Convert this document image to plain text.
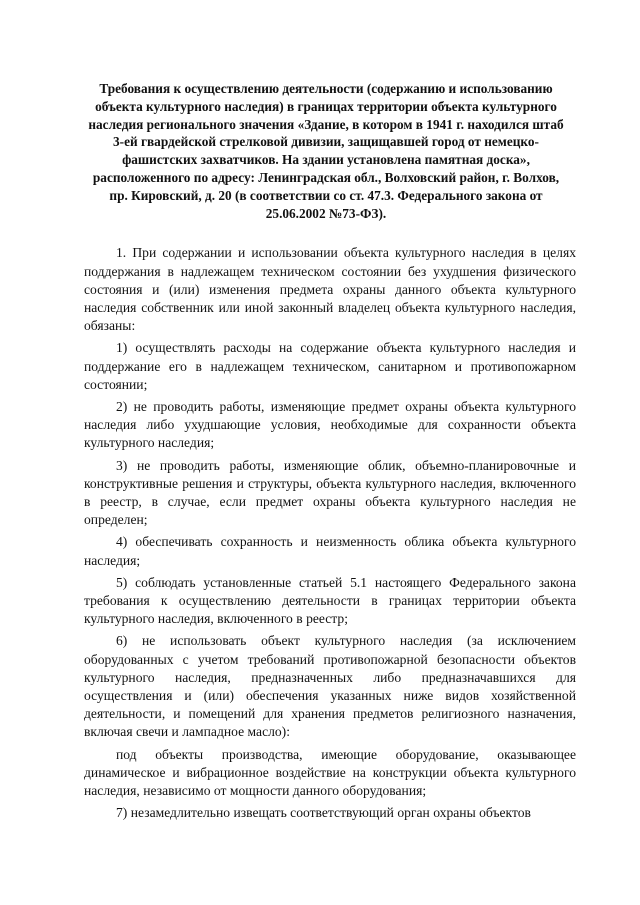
Требования к осуществлению деятельности (содержанию и использованию
объекта культурного наследия) в границах территории объекта культурного
наследия регионального значения «Здание, в котором в 1941 г. находился штаб
3-ей гвардейской стрелковой дивизии, защищавшей город от немецко-
фашистских захватчиков. На здании установлена памятная доска»,
расположенного по адресу: Ленинградская обл., Волховский район, г. Волхов,
пр. Кировский, д. 20 (в соответствии со ст. 47.3. Федерального закона от
25.06.2002 №73-ФЗ).

1. При содержании и использовании объекта культурного наследия в целях поддержания в надлежащем техническом состоянии без ухудшения физического состояния и (или) изменения предмета охраны данного объекта культурного наследия собственник или иной законный владелец объекта культурного наследия, обязаны:

1) осуществлять расходы на содержание объекта культурного наследия и поддержание его в надлежащем техническом, санитарном и противопожарном состоянии;

2) не проводить работы, изменяющие предмет охраны объекта культурного наследия либо ухудшающие условия, необходимые для сохранности объекта культурного наследия;

3) не проводить работы, изменяющие облик, объемно-планировочные и конструктивные решения и структуры, объекта культурного наследия, включенного в реестр, в случае, если предмет охраны объекта культурного наследия не определен;

4) обеспечивать сохранность и неизменность облика объекта культурного наследия;

5) соблюдать установленные статьей 5.1 настоящего Федерального закона требования к осуществлению деятельности в границах территории объекта культурного наследия, включенного в реестр;

6) не использовать объект культурного наследия (за исключением оборудованных с учетом требований противопожарной безопасности объектов культурного наследия, предназначенных либо предназначавшихся для осуществления и (или) обеспечения указанных ниже видов хозяйственной деятельности, и помещений для хранения предметов религиозного назначения, включая свечи и лампадное масло):

под объекты производства, имеющие оборудование, оказывающее динамическое и вибрационное воздействие на конструкции объекта культурного наследия, независимо от мощности данного оборудования;

7) незамедлительно извещать соответствующий орган охраны объектов
